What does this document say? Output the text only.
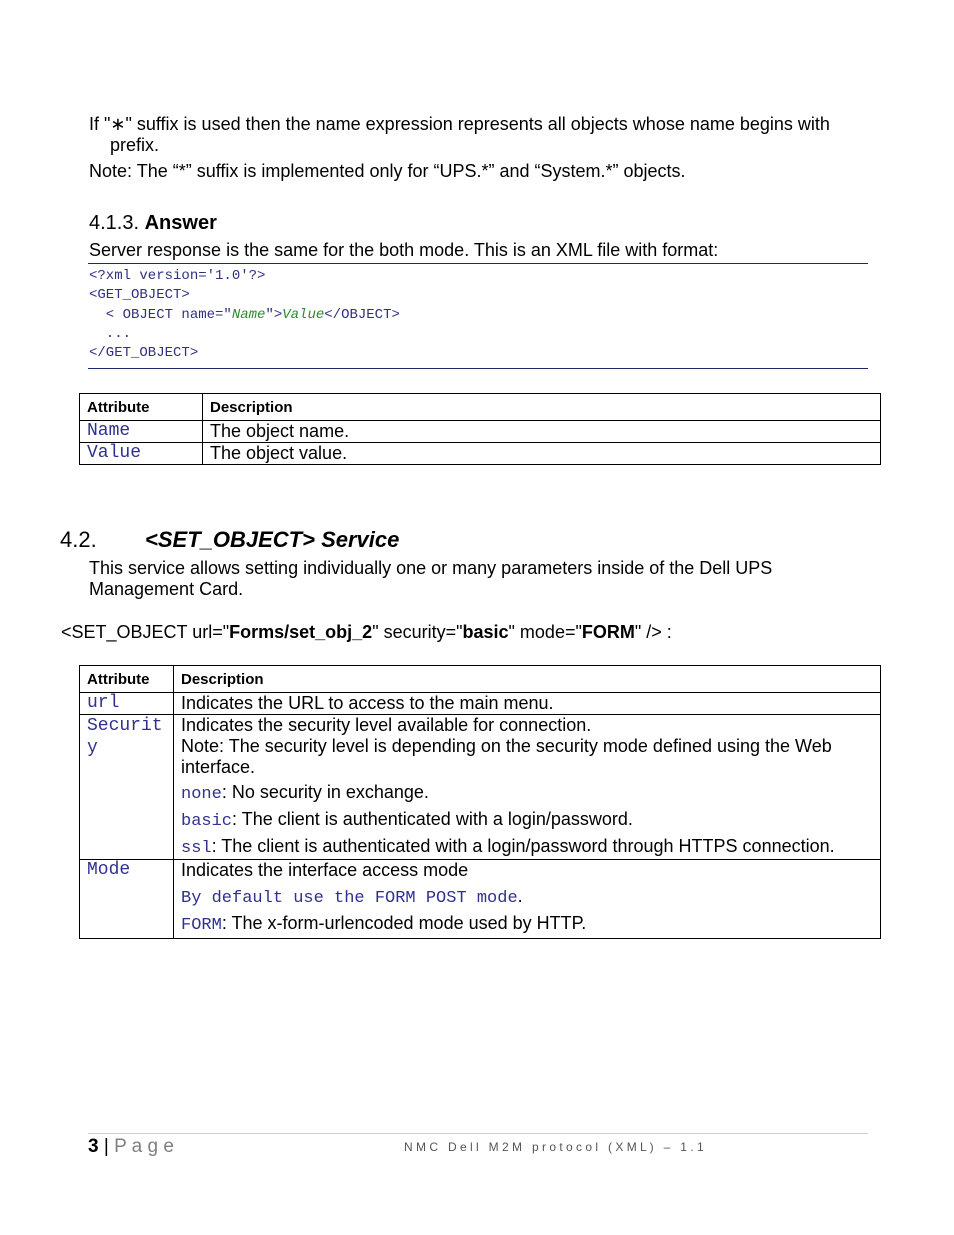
If "∗" suffix is used then the name expression represents all objects whose name begins with
prefix.
Note: The “*” suffix is implemented only for “UPS.*” and “System.*” objects.
4.1.3. Answer
Server response is the same for the both mode. This is an XML file with format:
<?xml version='1.0'?>
<GET_OBJECT>
< OBJECT name="Name">Value</OBJECT>
...
</GET_OBJECT>
Attribute	Description
Name	The object name.
Value	The object value.
4.2. <SET_OBJECT> Service
This service allows setting individually one or many parameters inside of the Dell UPS
Management Card.
<SET_OBJECT url="Forms/set_obj_2" security="basic" mode="FORM" /> :
Attribute	Description
url	Indicates the URL to access to the main menu.
Security	Indicates the security level available for connection.
Note: The security level is depending on the security mode defined using the Web interface.
none: No security in exchange.
basic: The client is authenticated with a login/password.
ssl: The client is authenticated with a login/password through HTTPS connection.

Mode	Indicates the interface access mode
By default use the FORM POST mode.
FORM: The x-form-urlencoded mode used by HTTP.
3 | P a g e	N M C   D e l l   M 2 M   p r o t o c o l   ( X M L )   –   1 . 1
